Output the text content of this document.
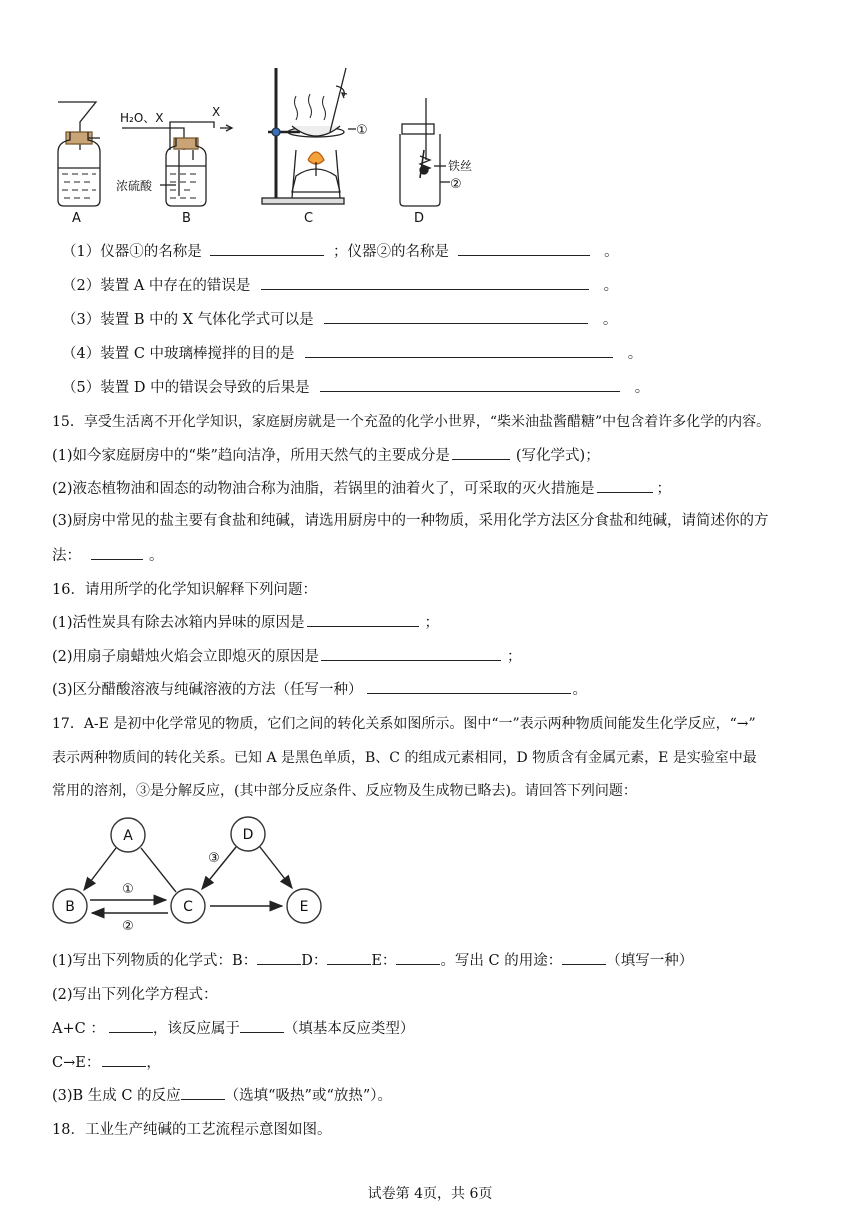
A	B	C	D
H₂O、X	X
浓硫酸
①
铁丝
②
（1）仪器①的名称是	；仪器②的名称是	。
（2）装置 A 中存在的错误是	。
（3）装置 B 中的 X 气体化学式可以是	。
（4）装置 C 中玻璃棒搅拌的目的是	。
（5）装置 D 中的错误会导致的后果是	。
15．享受生活离不开化学知识，家庭厨房就是一个充盈的化学小世界，“柴米油盐酱醋糖”中包含着许多化学的内容。
(1)如今家庭厨房中的“柴”趋向洁净，所用天然气的主要成分是	(写化学式)；
(2)液态植物油和固态的动物油合称为油脂，若锅里的油着火了，可采取的灭火措施是	；
(3)厨房中常见的盐主要有食盐和纯碱，请选用厨房中的一种物质，采用化学方法区分食盐和纯碱，请简述你的方
法：	。
16．请用所学的化学知识解释下列问题：
(1)活性炭具有除去冰箱内异味的原因是	；
(2)用扇子扇蜡烛火焰会立即熄灭的原因是	；
(3)区分醋酸溶液与纯碱溶液的方法（任写一种）	。
17．A-E 是初中化学常见的物质，它们之间的转化关系如图所示。图中“一”表示两种物质间能发生化学反应，“→”
表示两种物质间的转化关系。已知 A 是黑色单质，B、C 的组成元素相同，D 物质含有金属元素，E 是实验室中最
常用的溶剂，③是分解反应，(其中部分反应条件、反应物及生成物已略去)。请回答下列问题：
A	D
B	C	E
①
②
③
(1)写出下列物质的化学式：B：	D：	E：	。写出 C 的用途：	（填写一种）
(2)写出下列化学方程式：
A+C ：	，该反应属于	（填基本反应类型）
C→E：	，
(3)B 生成 C 的反应	（选填“吸热”或“放热”）。
18．工业生产纯碱的工艺流程示意图如图。
试卷第 4页，共 6页
